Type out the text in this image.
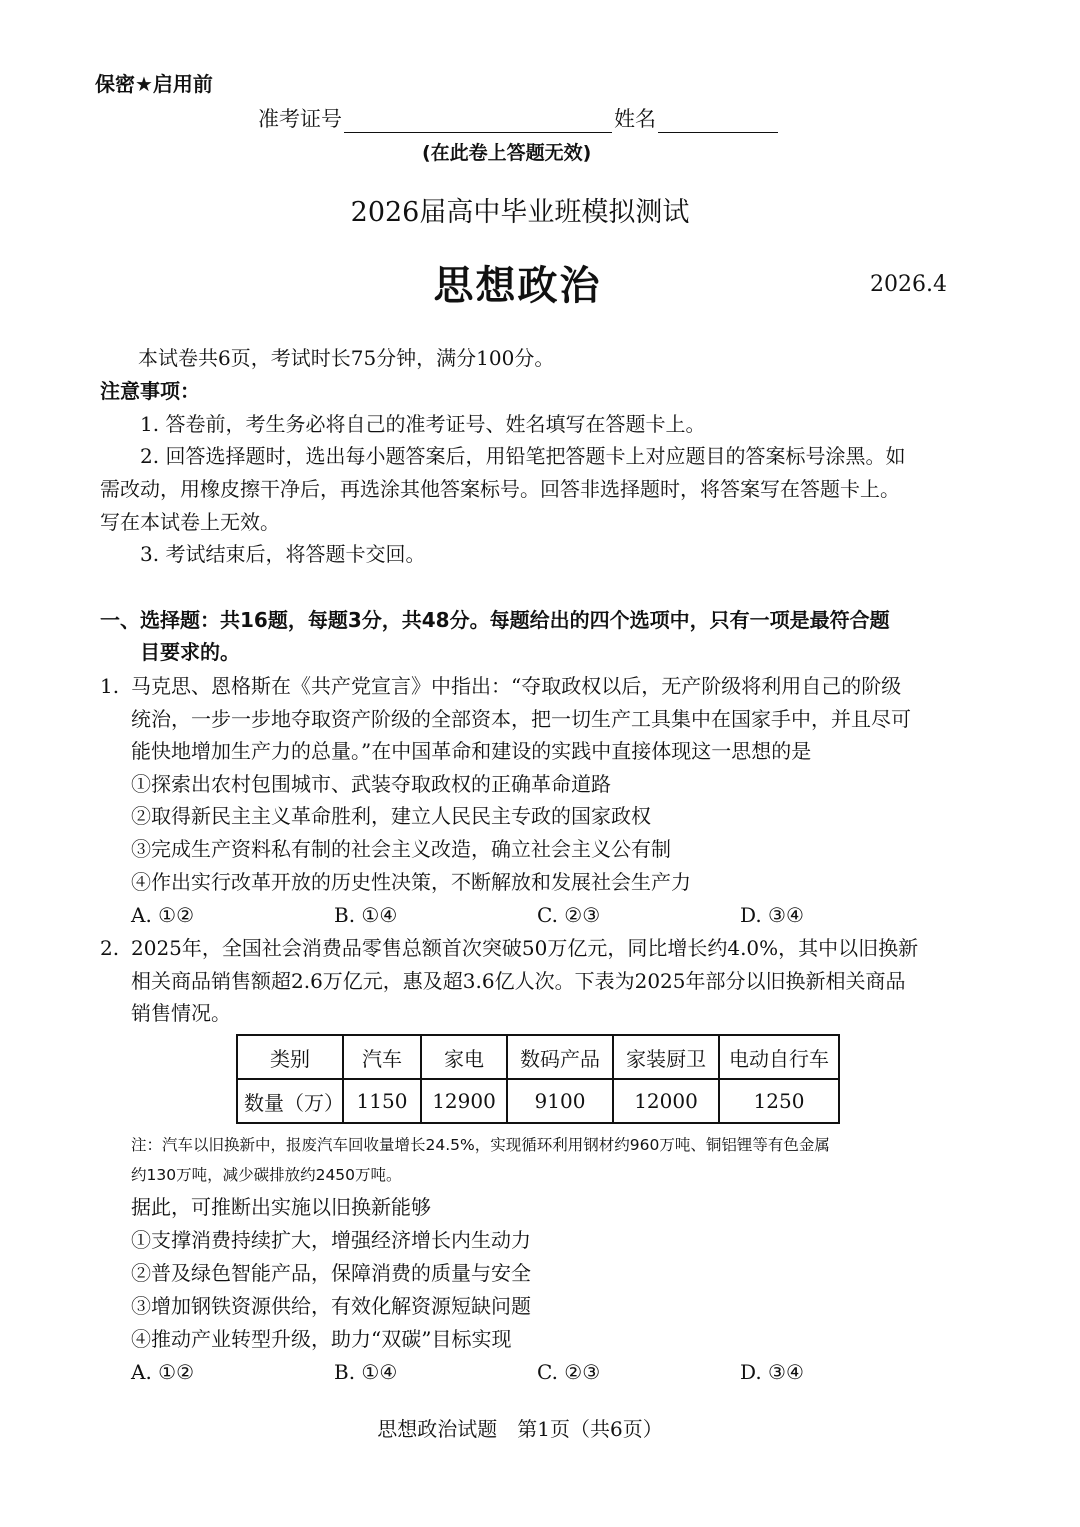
保密★启用前
准考证号	姓名
(在此卷上答题无效)
2026届高中毕业班模拟测试
思想政治	2026.4
本试卷共6页，考试时长75分钟，满分100分。
注意事项：
1. 答卷前，考生务必将自己的准考证号、姓名填写在答题卡上。
2. 回答选择题时，选出每小题答案后，用铅笔把答题卡上对应题目的答案标号涂黑。如
需改动，用橡皮擦干净后，再选涂其他答案标号。回答非选择题时，将答案写在答题卡上。
写在本试卷上无效。
3. 考试结束后，将答题卡交回。
一、选择题：共16题，每题3分，共48分。每题给出的四个选项中，只有一项是最符合题
目要求的。
1. 马克思、恩格斯在《共产党宣言》中指出：“夺取政权以后，无产阶级将利用自己的阶级
统治，一步一步地夺取资产阶级的全部资本，把一切生产工具集中在国家手中，并且尽可
能快地增加生产力的总量。”在中国革命和建设的实践中直接体现这一思想的是
①探索出农村包围城市、武装夺取政权的正确革命道路
②取得新民主主义革命胜利，建立人民民主专政的国家政权
③完成生产资料私有制的社会主义改造，确立社会主义公有制
④作出实行改革开放的历史性决策，不断解放和发展社会生产力
A. ①②	B. ①④	C. ②③	D. ③④
2. 2025年，全国社会消费品零售总额首次突破50万亿元，同比增长约4.0%，其中以旧换新
相关商品销售额超2.6万亿元，惠及超3.6亿人次。下表为2025年部分以旧换新相关商品
销售情况。
类别	汽车	家电	数码产品	家装厨卫	电动自行车
数量（万）	1150	12900	9100	12000	1250
注：汽车以旧换新中，报废汽车回收量增长24.5%，实现循环利用钢材约960万吨、铜铝锂等有色金属
约130万吨，减少碳排放约2450万吨。
据此，可推断出实施以旧换新能够
①支撑消费持续扩大，增强经济增长内生动力
②普及绿色智能产品，保障消费的质量与安全
③增加钢铁资源供给，有效化解资源短缺问题
④推动产业转型升级，助力“双碳”目标实现
A. ①②	B. ①④	C. ②③	D. ③④
思想政治试题　第1页（共6页）
